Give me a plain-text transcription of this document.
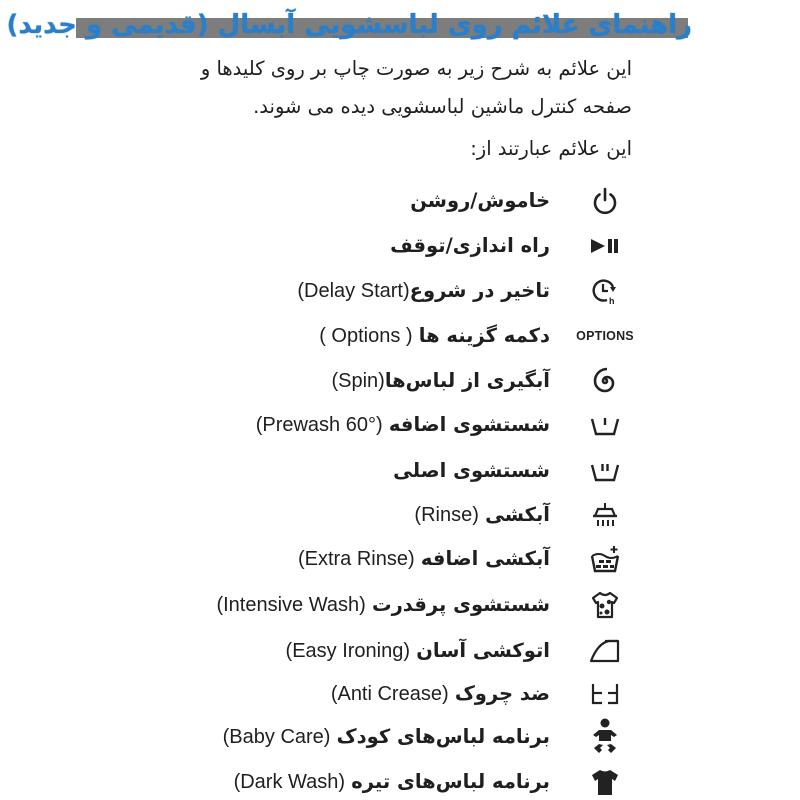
راهنمای علائم روی لباسشویی آبسال (قدیمی و جدید)

این علائم به شرح زیر به صورت چاپ بر روی کلیدها و

صفحه کنترل ماشین لباسشویی دیده می شوند.

این علائم عبارتند از:

خاموش/روشن
راه اندازی/توقف
h
تاخیر در شروع(Delay Start)
OPTIONS
دکمه گزینه ها ( Options )
آبگیری از لباس‌ها(Spin)
شستشوی اضافه (Prewash 60°)
شستشوی اصلی
آبکشی (Rinse)
آبکشی اضافه (Extra Rinse)
شستشوی پرقدرت (Intensive Wash)
اتوکشی آسان (Easy Ironing)
ضد چروک (Anti Crease)
برنامه لباس‌های کودک (Baby Care)
برنامه لباس‌های تیره (Dark Wash)
